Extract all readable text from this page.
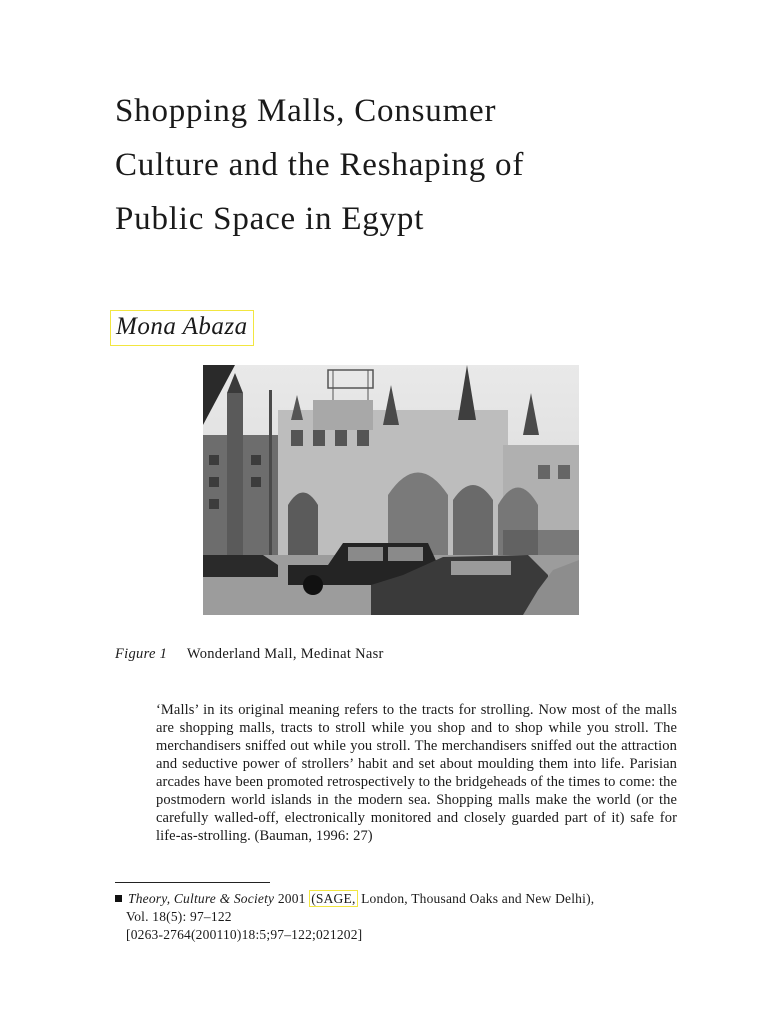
Shopping Malls, Consumer
Culture and the Reshaping of
Public Space in Egypt
Mona Abaza
Figure 1 Wonderland Mall, Medinat Nasr

‘Malls’ in its original meaning refers to the tracts for strolling. Now most of the malls are shopping malls, tracts to stroll while you shop and to shop while you stroll. The merchandisers sniffed out while you stroll. The merchandisers sniffed out the attraction and seductive power of strollers’ habit and set about moulding them into life. Parisian arcades have been promoted retrospectively to the bridgeheads of the times to come: the postmodern world islands in the modern sea. Shopping malls make the world (or the carefully walled-off, electronically monitored and closely guarded part of it) safe for life-as-strolling. (Bauman, 1996: 27)

Theory, Culture & Society 2001 (SAGE, London, Thousand Oaks and New Delhi),
Vol. 18(5): 97–122
[0263-2764(200110)18:5;97–122;021202]
